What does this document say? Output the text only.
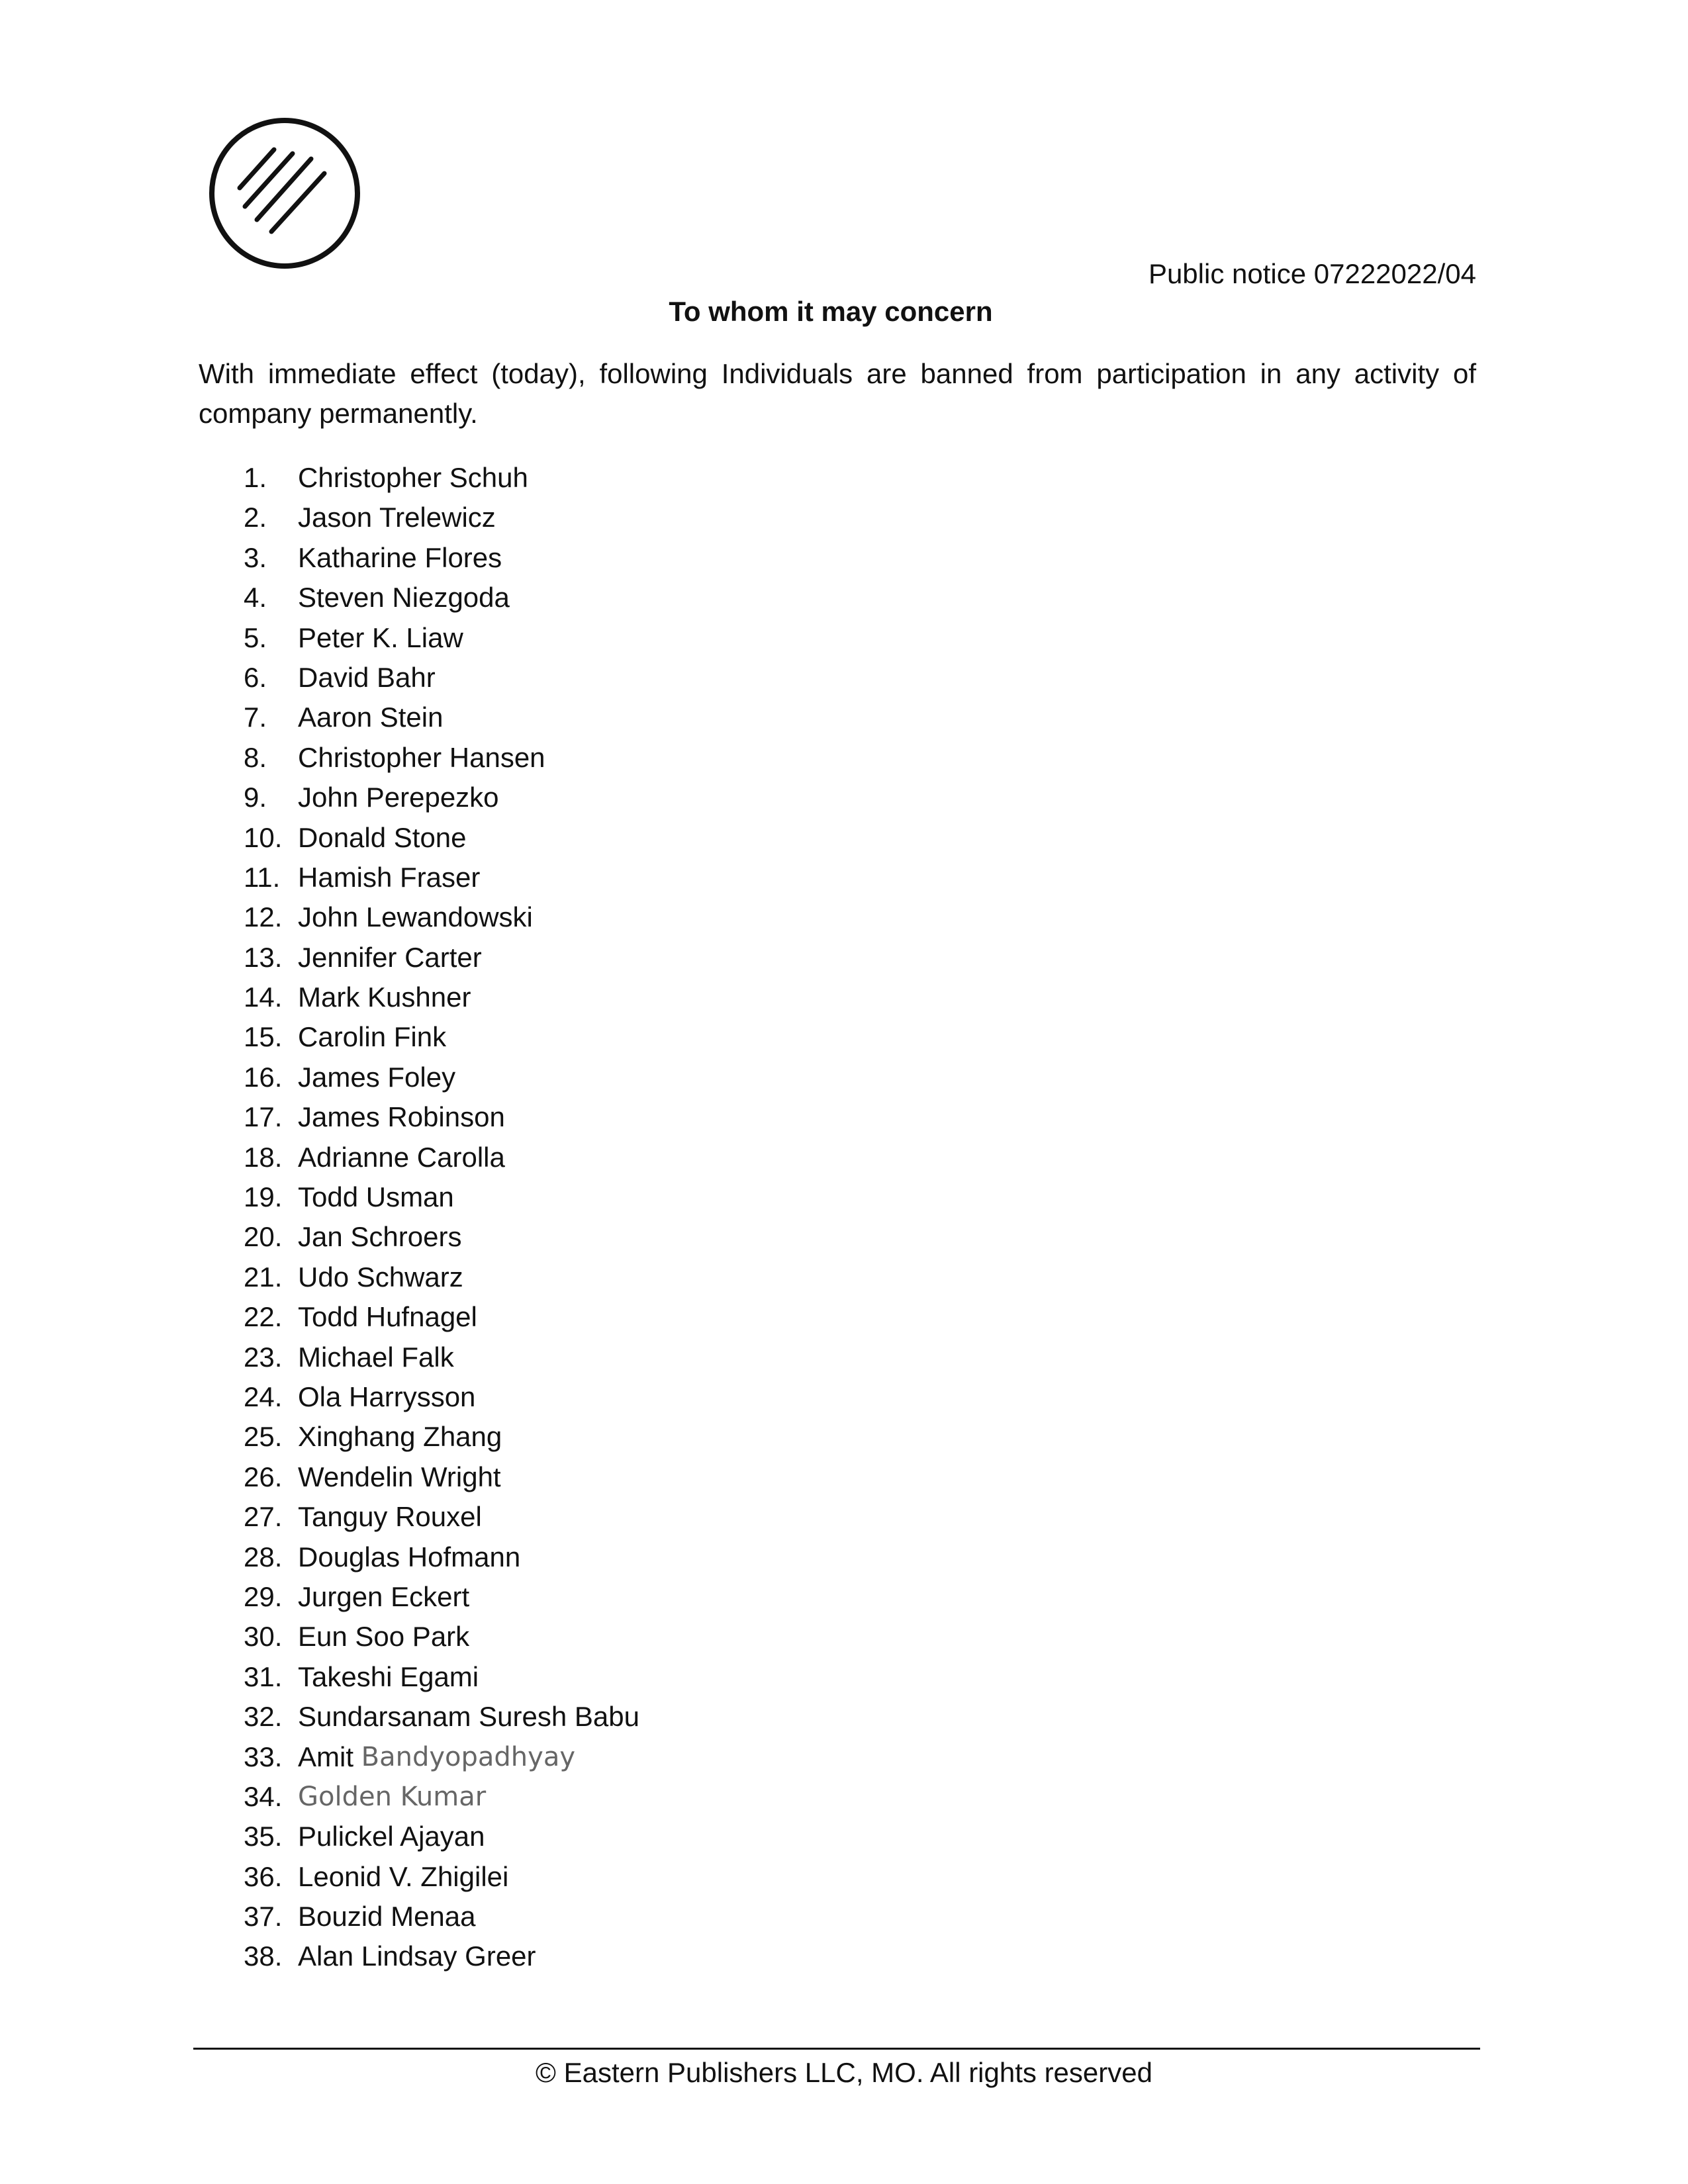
Public notice 07222022/04
To whom it may concern

With immediate effect (today), following Individuals are banned from participation in any activity of company permanently.

1.	Christopher Schuh
2.	Jason Trelewicz
3.	Katharine Flores
4.	Steven Niezgoda
5.	Peter K. Liaw
6.	David Bahr
7.	Aaron Stein
8.	Christopher Hansen
9.	John Perepezko
10. Donald Stone
11. Hamish Fraser
12. John Lewandowski
13. Jennifer Carter
14. Mark Kushner
15. Carolin Fink
16. James Foley
17. James Robinson
18. Adrianne Carolla
19. Todd Usman
20. Jan Schroers
21. Udo Schwarz
22. Todd Hufnagel
23. Michael Falk
24. Ola Harrysson
25. Xinghang Zhang
26. Wendelin Wright
27. Tanguy Rouxel
28. Douglas Hofmann
29. Jurgen Eckert
30. Eun Soo Park
31. Takeshi Egami
32. Sundarsanam Suresh Babu
33. Amit Bandyopadhyay
34. Golden Kumar
35. Pulickel Ajayan
36. Leonid V. Zhigilei
37. Bouzid Menaa
38. Alan Lindsay Greer
© Eastern Publishers LLC, MO. All rights reserved
